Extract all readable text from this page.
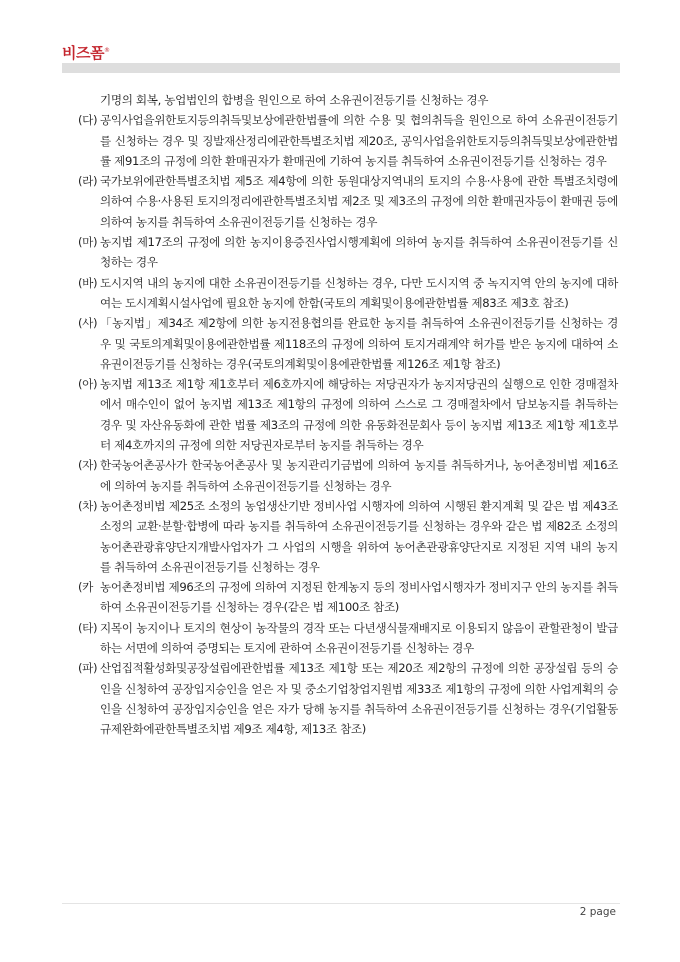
비즈폼®
기명의 회복, 농업법인의 합병을 원인으로 하여 소유권이전등기를 신청하는 경우
(다) 공익사업을위한토지등의취득및보상에관한법률에 의한 수용 및 협의취득을 원인으로 하여 소유권이전등기를 신청하는 경우 및 징발재산정리에관한특별조치법 제20조, 공익사업을위한토지등의취득및보상에관한법률 제91조의 규정에 의한 환매권자가 환매권에 기하여 농지를 취득하여 소유권이전등기를 신청하는 경우
(라) 국가보위에관한특별조치법 제5조 제4항에 의한 동원대상지역내의 토지의 수용·사용에 관한 특별조치령에 의하여 수용·사용된 토지의정리에관한특별조치법 제2조 및 제3조의 규정에 의한 환매권자등이 환매권 등에 의하여 농지를 취득하여 소유권이전등기를 신청하는 경우
(마) 농지법 제17조의 규정에 의한 농지이용증진사업시행계획에 의하여 농지를 취득하여 소유권이전등기를 신청하는 경우
(바) 도시지역 내의 농지에 대한 소유권이전등기를 신청하는 경우, 다만 도시지역 중 녹지지역 안의 농지에 대하여는 도시계획시설사업에 필요한 농지에 한함(국토의 계획및이용에관한법률 제83조 제3호 참조)
(사) 「농지법」제34조 제2항에 의한 농지전용협의를 완료한 농지를 취득하여 소유권이전등기를 신청하는 경우 및 국토의계획및이용에관한법률 제118조의 규정에 의하여 토지거래계약 허가를 받은 농지에 대하여 소유권이전등기를 신청하는 경우(국토의계획및이용에관한법률 제126조 제1항 참조)
(아) 농지법 제13조 제1항 제1호부터 제6호까지에 해당하는 저당권자가 농지저당권의 실행으로 인한 경매절차에서 매수인이 없어 농지법 제13조 제1항의 규정에 의하여 스스로 그 경매절차에서 담보농지를 취득하는 경우 및 자산유동화에 관한 법률 제3조의 규정에 의한 유동화전문회사 등이 농지법 제13조 제1항 제1호부터 제4호까지의 규정에 의한 저당권자로부터 농지를 취득하는 경우
(자) 한국농어촌공사가 한국농어촌공사 및 농지관리기금법에 의하여 농지를 취득하거나, 농어촌정비법 제16조에 의하여 농지를 취득하여 소유권이전등기를 신청하는 경우
(차) 농어촌정비법 제25조 소정의 농업생산기반 정비사업 시행자에 의하여 시행된 환지계획 및 같은 법 제43조 소정의 교환·분할·합병에 따라 농지를 취득하여 소유권이전등기를 신청하는 경우와 같은 법 제82조 소정의 농어촌관광휴양단지개발사업자가 그 사업의 시행을 위하여 농어촌관광휴양단지로 지정된 지역 내의 농지를 취득하여 소유권이전등기를 신청하는 경우
(카 농어촌정비법 제96조의 규정에 의하여 지정된 한계농지 등의 정비사업시행자가 정비지구 안의 농지를 취득하여 소유권이전등기를 신청하는 경우(같은 법 제100조 참조)
(타) 지목이 농지이나 토지의 현상이 농작물의 경작 또는 다년생식물재배지로 이용되지 않음이 관할관청이 발급하는 서면에 의하여 증명되는 토지에 관하여 소유권이전등기를 신청하는 경우
(파) 산업집적활성화및공장설립에관한법률 제13조 제1항 또는 제20조 제2항의 규정에 의한 공장설립 등의 승인을 신청하여 공장입지승인을 얻은 자 및 중소기업창업지원법 제33조 제1항의 규정에 의한 사업계획의 승인을 신청하여 공장입지승인을 얻은 자가 당해 농지를 취득하여 소유권이전등기를 신청하는 경우(기업활동규제완화에관한특별조치법 제9조 제4항, 제13조 참조)
2 page
